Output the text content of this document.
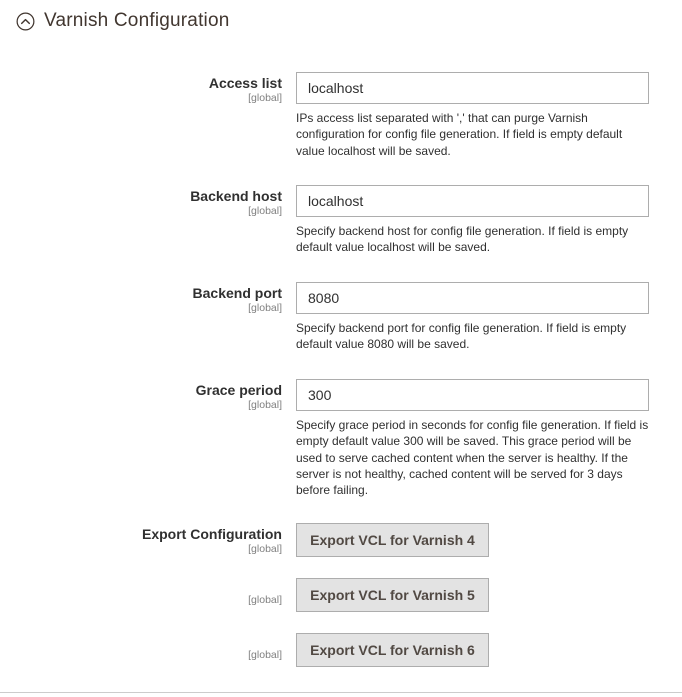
Varnish Configuration
Access list
[global]
localhost
IPs access list separated with ',' that can purge Varnish configuration for config file generation. If field is empty default value localhost will be saved.
Backend host
[global]
localhost
Specify backend host for config file generation. If field is empty default value localhost will be saved.
Backend port
[global]
8080
Specify backend port for config file generation. If field is empty default value 8080 will be saved.
Grace period
[global]
300
Specify grace period in seconds for config file generation. If field is empty default value 300 will be saved. This grace period will be used to serve cached content when the server is healthy. If the server is not healthy, cached content will be served for 3 days before failing.
Export Configuration
[global]
Export VCL for Varnish 4
[global]	Export VCL for Varnish 5
[global]	Export VCL for Varnish 6
